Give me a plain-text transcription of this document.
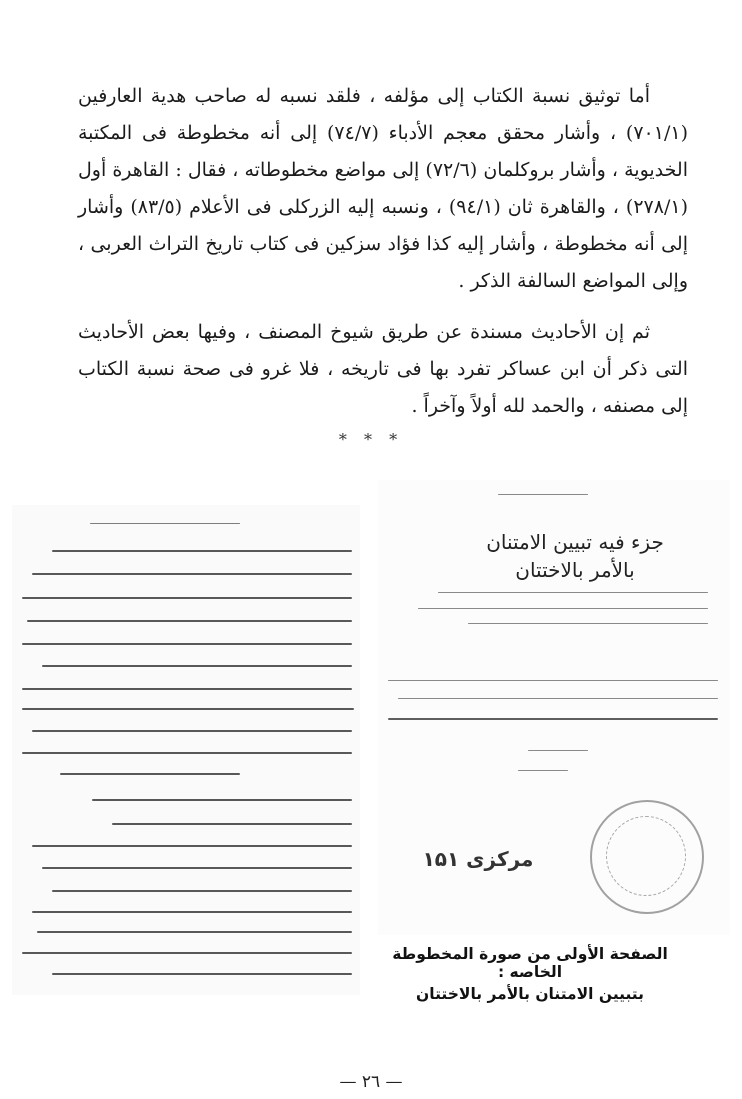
أما توثيق نسبة الكتاب إلى مؤلفه ، فلقد نسبه له صاحب هدية العارفين (٧٠١/١) ، وأشار محقق معجم الأدباء (٧٤/٧) إلى أنه مخطوطة فى المكتبة الخديوية ، وأشار بروكلمان (٧٢/٦) إلى مواضع مخطوطاته ، فقال : القاهرة أول (٢٧٨/١) ، والقاهرة ثان (٩٤/١) ، ونسبه إليه الزركلى فى الأعلام (٨٣/٥) وأشار إلى أنه مخطوطة ، وأشار إليه كذا فؤاد سزكين فى كتاب تاريخ التراث العربى ، وإلى المواضع السالفة الذكر .

ثم إن الأحاديث مسندة عن طريق شيوخ المصنف ، وفيها بعض الأحاديث التى ذكر أن ابن عساكر تفرد بها فى تاريخه ، فلا غرو فى صحة نسبة الكتاب إلى مصنفه ، والحمد لله أولاً وآخراً .

* * *
جزء فيه تبيين الامتنان
بالأمر بالاختتان
مرکزی ۱۵۱
الصفحة الأولى من صورة المخطوطة الخاصه :
بتبيين الامتنان بالأمر بالاختتان
— ٢٦ —
